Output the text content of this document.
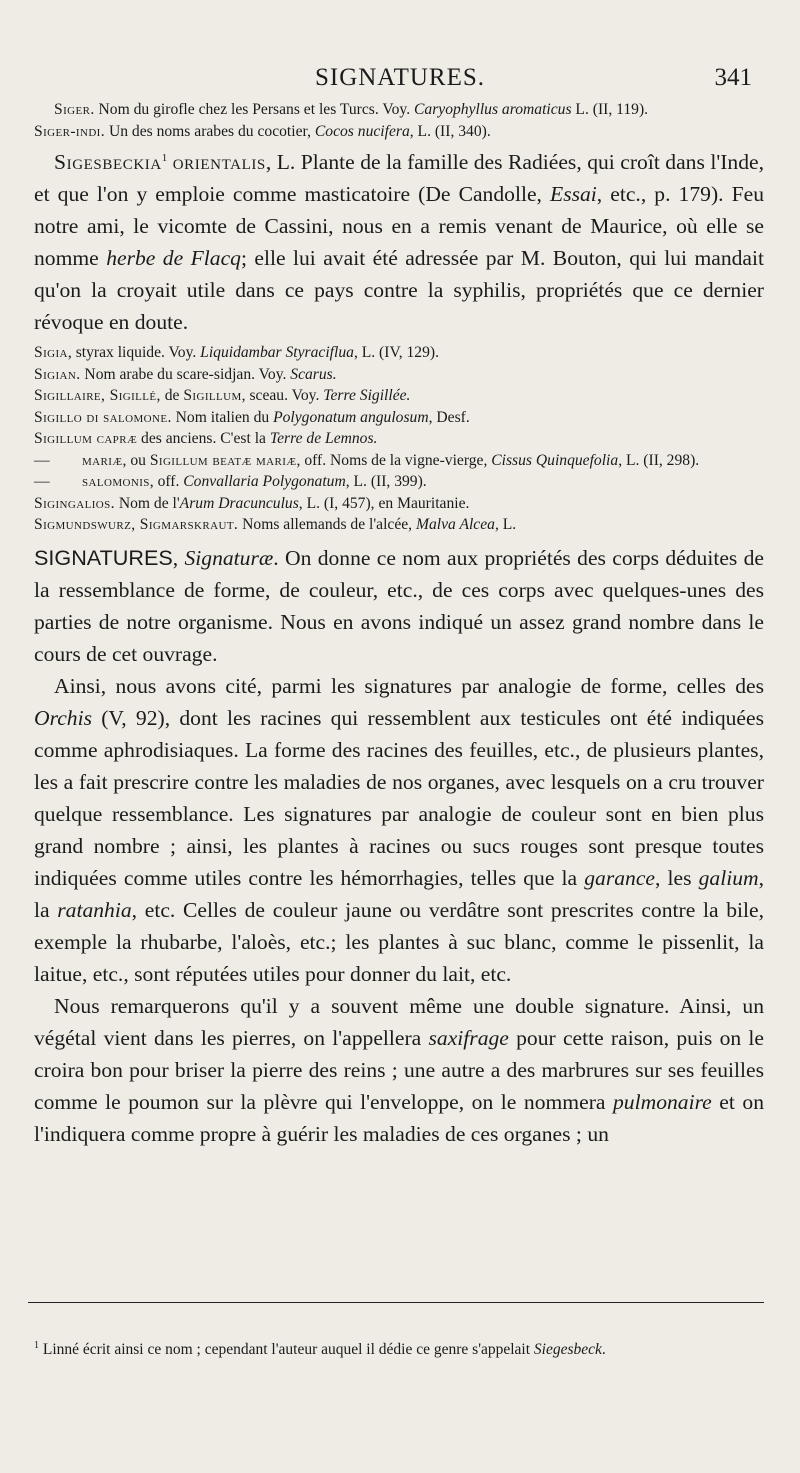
SIGNATURES.	341

Siger. Nom du girofle chez les Persans et les Turcs. Voy. Caryophyllus aromaticus L. (II, 119).

Siger-indi. Un des noms arabes du cocotier, Cocos nucifera, L. (II, 340).

Sigesbeckia$^1$ orientalis, L. Plante de la famille des Radiées, qui croît dans l'Inde, et que l'on y emploie comme masticatoire (De Candolle, Essai, etc., p. 179). Feu notre ami, le vicomte de Cassini, nous en a remis venant de Maurice, où elle se nomme herbe de Flacq; elle lui avait été adressée par M. Bouton, qui lui mandait qu'on la croyait utile dans ce pays contre la syphilis, propriétés que ce dernier révoque en doute.

Sigia, styrax liquide. Voy. Liquidambar Styraciflua, L. (IV, 129).

Sigian. Nom arabe du scare-sidjan. Voy. Scarus.

Sigillaire, Sigillé, de Sigillum, sceau. Voy. Terre Sigillée.

Sigillo di salomone. Nom italien du Polygonatum angulosum, Desf.

Sigillum capræ des anciens. C'est la Terre de Lemnos.

— mariæ, ou Sigillum beatæ mariæ, off. Noms de la vigne-vierge, Cissus Quinquefolia, L. (II, 298).

— salomonis, off. Convallaria Polygonatum, L. (II, 399).

Sigingalios. Nom de l'Arum Dracunculus, L. (I, 457), en Mauritanie.

Sigmundswurz, Sigmarskraut. Noms allemands de l'alcée, Malva Alcea, L.

SIGNATURES, Signaturæ. On donne ce nom aux propriétés des corps déduites de la ressemblance de forme, de couleur, etc., de ces corps avec quelques-unes des parties de notre organisme. Nous en avons indiqué un assez grand nombre dans le cours de cet ouvrage.

Ainsi, nous avons cité, parmi les signatures par analogie de forme, celles des Orchis (V, 92), dont les racines qui ressemblent aux testicules ont été indiquées comme aphrodisiaques. La forme des racines des feuilles, etc., de plusieurs plantes, les a fait prescrire contre les maladies de nos organes, avec lesquels on a cru trouver quelque ressemblance. Les signatures par analogie de couleur sont en bien plus grand nombre ; ainsi, les plantes à racines ou sucs rouges sont presque toutes indiquées comme utiles contre les hémorrhagies, telles que la garance, les galium, la ratanhia, etc. Celles de couleur jaune ou verdâtre sont prescrites contre la bile, exemple la rhubarbe, l'aloès, etc.; les plantes à suc blanc, comme le pissenlit, la laitue, etc., sont réputées utiles pour donner du lait, etc.

Nous remarquerons qu'il y a souvent même une double signature. Ainsi, un végétal vient dans les pierres, on l'appellera saxifrage pour cette raison, puis on le croira bon pour briser la pierre des reins ; une autre a des marbrures sur ses feuilles comme le poumon sur la plèvre qui l'enveloppe, on le nommera pulmonaire et on l'indiquera comme propre à guérir les maladies de ces organes ; un

$^1$ Linné écrit ainsi ce nom ; cependant l'auteur auquel il dédie ce genre s'appelait Siegesbeck.
